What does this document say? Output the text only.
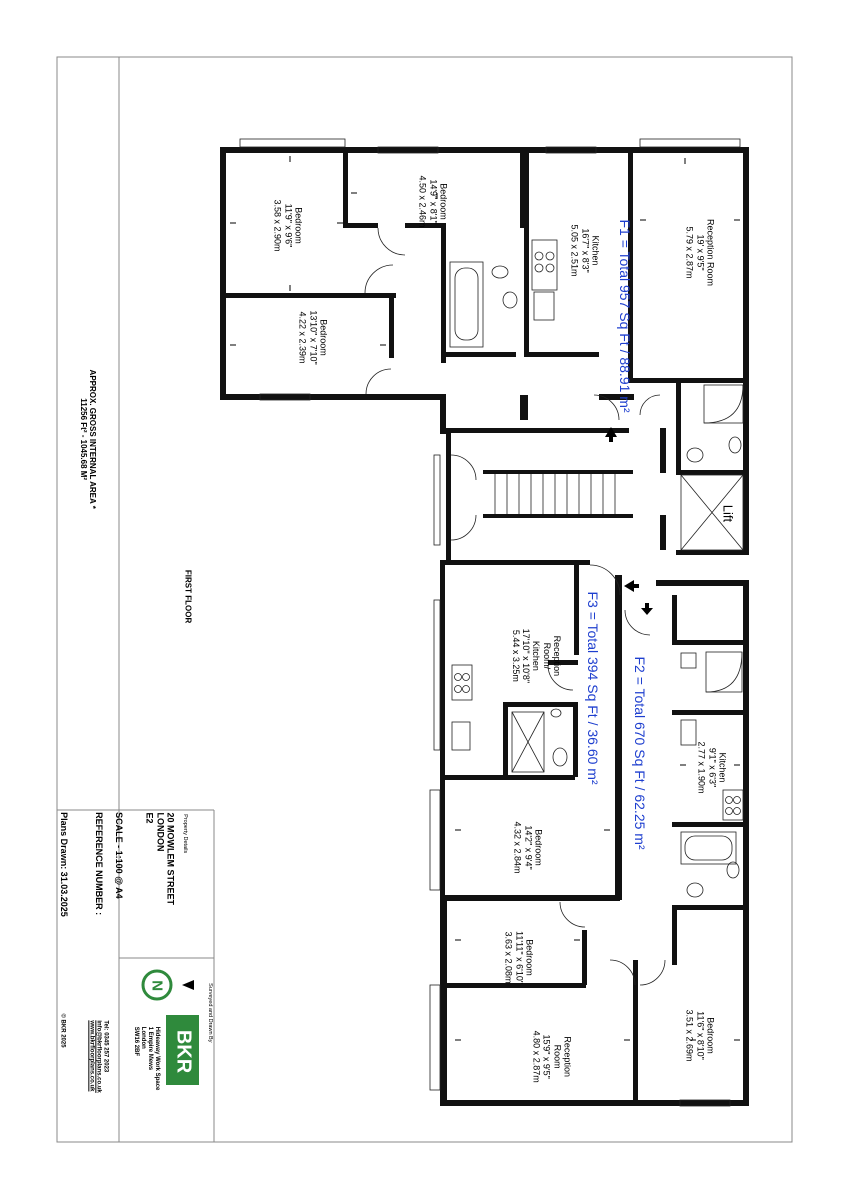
Bedroom
11'9" x 9'6"
3.58 x 2.90m	Bedroom
14'9" x 8'1"
4.50 x 2.46m
Bedroom
13'10" x 7'10"
4.22 x 2.39m
Kitchen
16'7" x 8'3"
5.05 x 2.51m	Reception Room
19' x 9'5"
5.79 x 2.87m
Reception
Room/
Kitchen
17'10" x 10'8"
5.44 x 3.25m
Bedroom
14'2" x 9'4"
4.32 x 2.84m
Kitchen
9'1" x 6'3"
2.77 x 1.90m
Bedroom
11'11" x 6'10"
3.63 x 2.08m
Reception
Room
15'9" x 9'5"
4.80 x 2.87m	Bedroom
11'6" x 8'10"
3.51 x 2.69m
Lift
F1 = Total 957 Sq Ft / 88.91 m²
F2 = Total 670 Sq Ft / 62.25 m²
F3 = Total 394 Sq Ft / 36.60 m²
APPROX. GROSS INTERNAL AREA *
11256 Ft² - 1045.68 M²
FIRST FLOOR
Property Details
20 MOWLEM STREET
LONDON
E2
SCALE - 1:100 @ A4
REFERENCE NUMBER :
Plans Drawn: 31.03.2025
Surveyed and Drawn By
BKR
Hideaway Work Space
1 Empire Mews
London
SW16 2BF
Tel: 0345 257 2023
info@bkrfloorplans.co.uk
www.bkrfloorplans.co.uk
© BKR 2025
N
